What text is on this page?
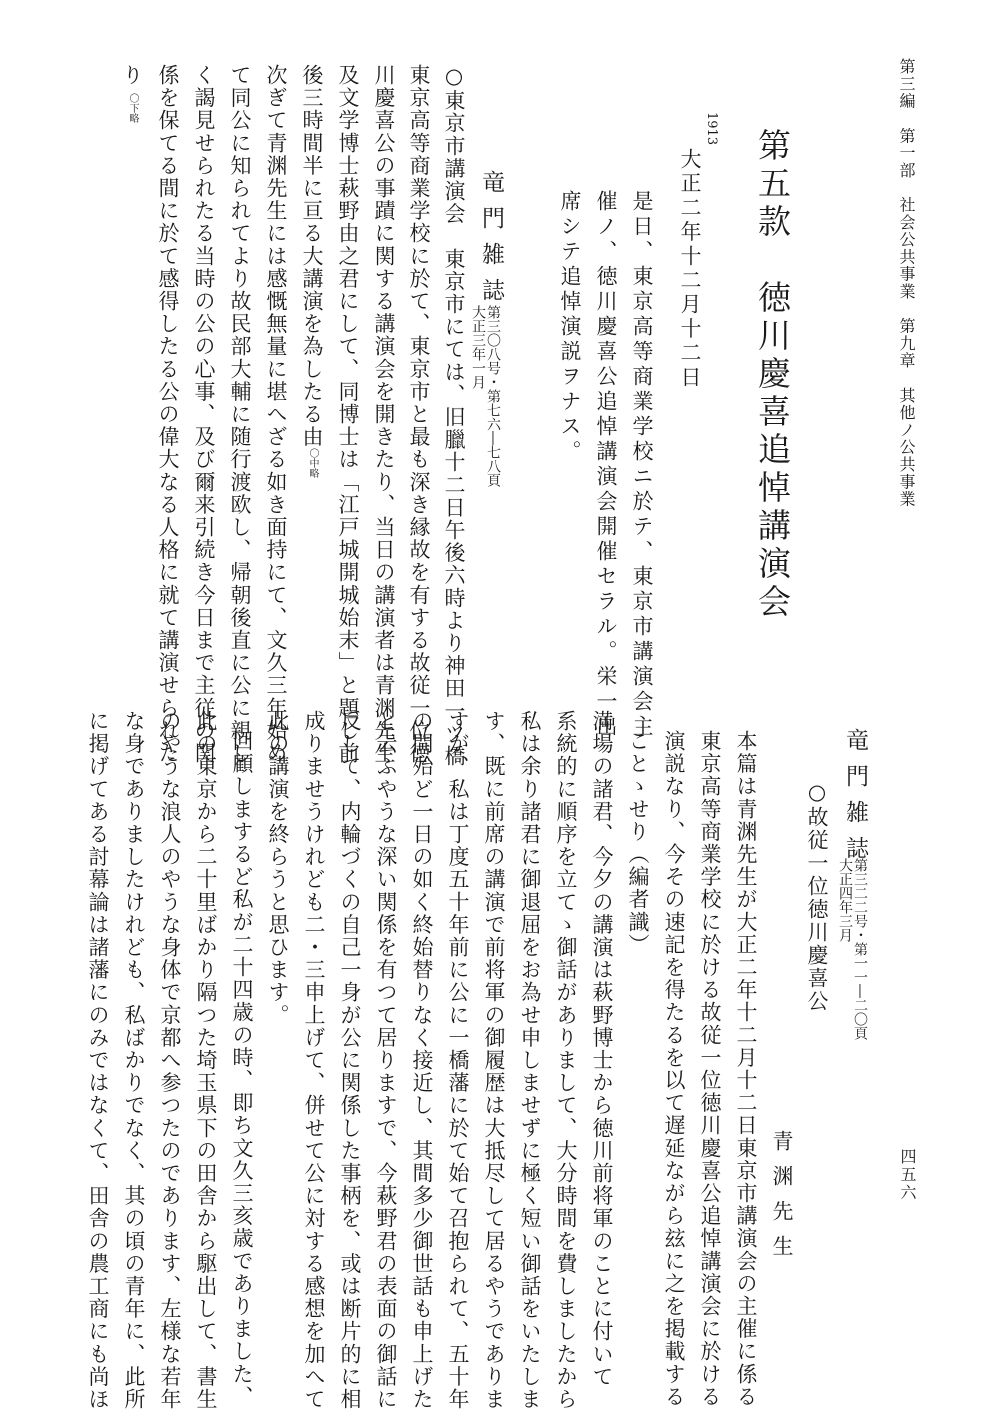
第三編　第一部　社会公共事業　第九章　其他ノ公共事業
四五六
第五款　徳川慶喜追悼講演会
1913
大正二年十二月十二日
是日、東京高等商業学校ニ於テ、東京市講演会主
催ノ、徳川慶喜公追悼講演会開催セラル。栄一出
席シテ追悼演説ヲナス。
竜門雑誌
第三〇八号・第七六―七八頁
大正三年一月
○東京市講演会　東京市にては、旧臘十二日午後六時より神田一ツ橋
東京高等商業学校に於て、東京市と最も深き縁故を有する故従一位徳
川慶喜公の事蹟に関する講演会を開きたり、当日の講演者は青渊先生
及文学博士萩野由之君にして、同博士は「江戸城開城始末」と題し前
後三時間半に亘る大講演を為したる由〇中略
次ぎて青渊先生には感慨無量に堪へざる如き面持にて、文久三年始め
て同公に知られてより故民部大輔に随行渡欧し、帰朝後直に公に親し
く謁見せられたる当時の公の心事、及び爾来引続き今日まで主従の関
係を保てる間に於て感得したる公の偉大なる人格に就て講演せられた
り〇下略
竜門雑誌
第三二二号・第一一―二〇頁
大正四年三月
○故従一位徳川慶喜公
青渊先生
本篇は青渊先生が大正二年十二月十二日東京市講演会の主催に係る
東京高等商業学校に於ける故従一位徳川慶喜公追悼講演会に於ける
演説なり、今その速記を得たるを以て遅延ながら玆に之を掲載する
ことゝせり（編者識）
満場の諸君、今夕の講演は萩野博士から徳川前将軍のことに付いて
系統的に順序を立てゝ御話がありまして、大分時間を費しましたから
私は余り諸君に御退屈をお為せ申しませずに極く短い御話をいたしま
す、既に前席の講演で前将軍の御履歴は大抵尽して居るやうでありま
すが、私は丁度五十年前に公に一橋藩に於て始て召抱られて、五十年
の間殆ど一日の如く終始替りなく接近し、其間多少御世話も申上げた
と云ふやうな深い関係を有つて居りますで、今萩野君の表面の御話に
反して、内輪づくの自己一身が公に関係した事柄を、或は断片的に相
成りませうけれども二・三申上げて、併せて公に対する感想を加へて
此の講演を終らうと思ひます。
回顧しまするど私が二十四歳の時、即ち文久三亥歳でありました、
此の東京から二十里ばかり隔つた埼玉県下の田舎から駆出して、書生
のやうな浪人のやうな身体で京都へ参つたのであります、左様な若年
な身でありましたけれども、私ばかりでなく、其の頃の青年に、此所
に掲げてある討幕論は諸藩にのみではなくて、田舎の農工商にも尚ほ
